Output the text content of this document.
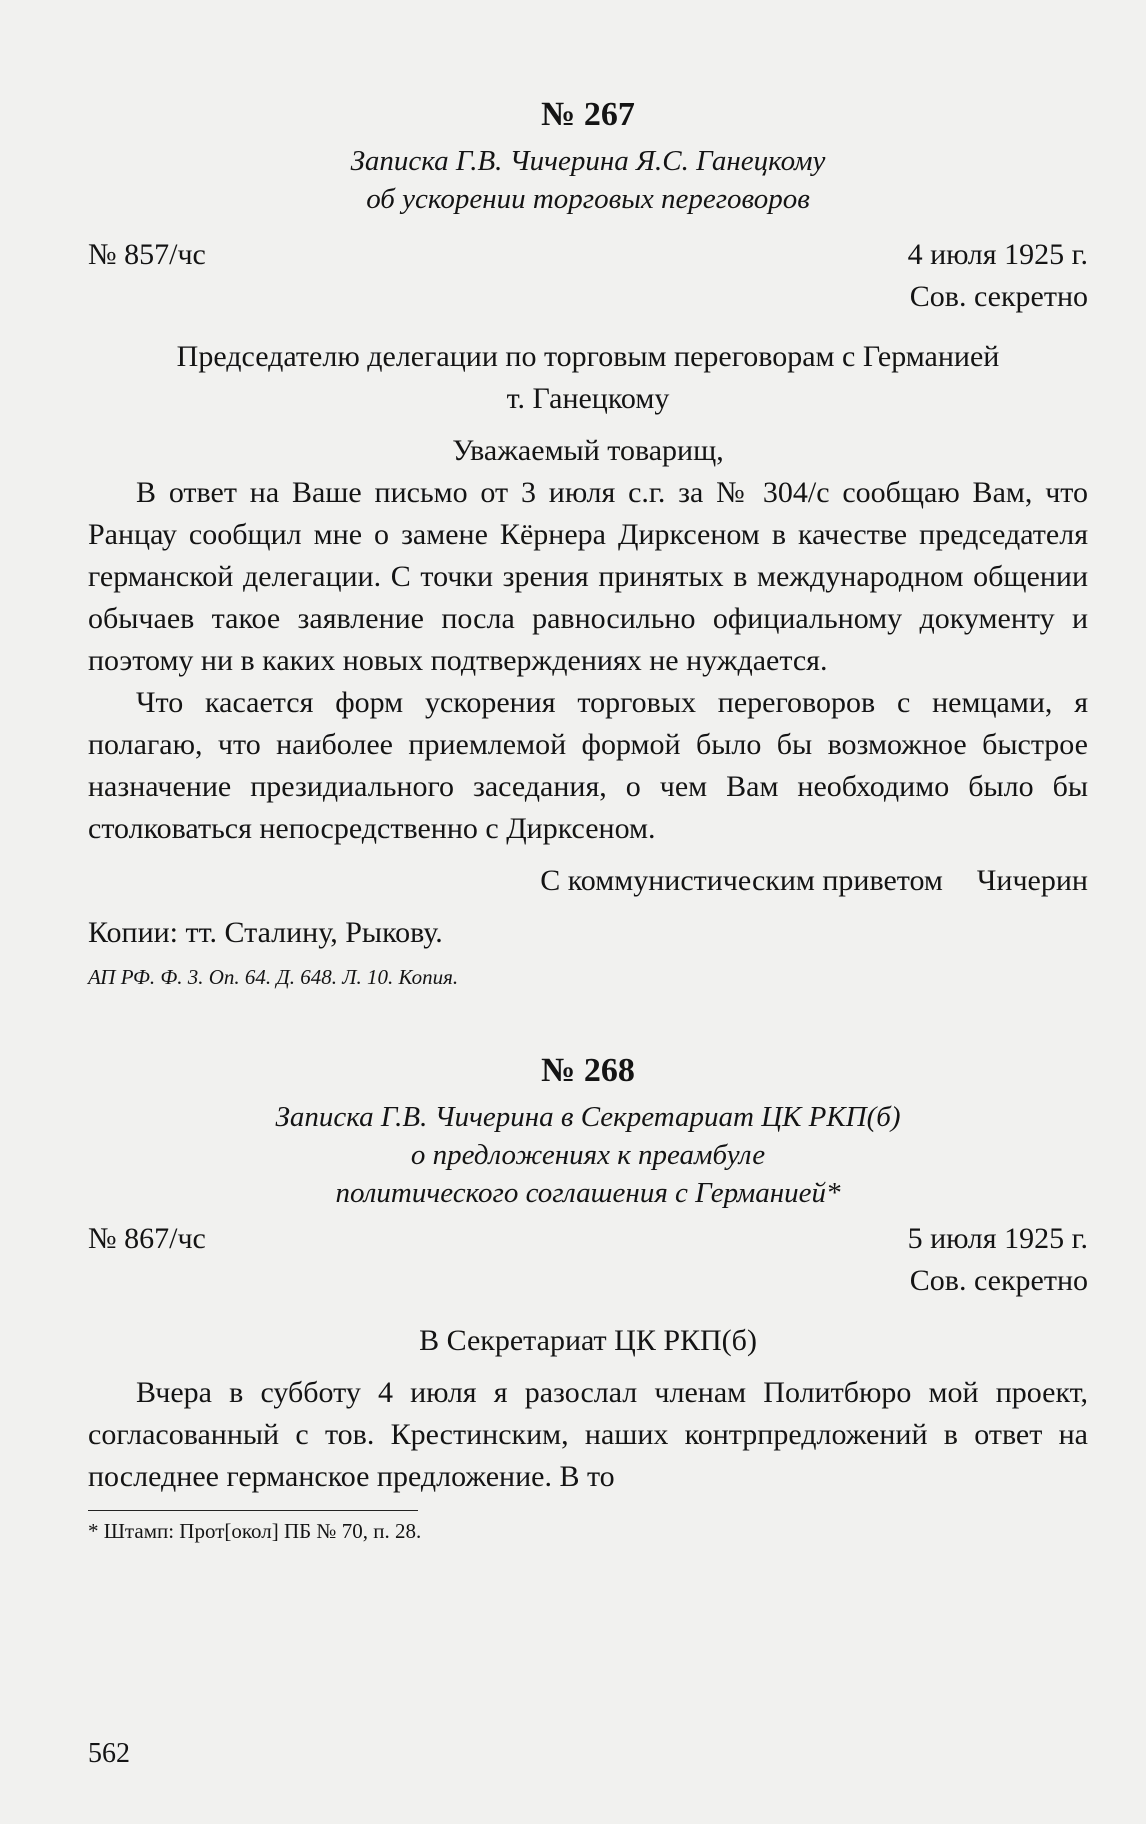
№ 267
Записка Г.В. Чичерина Я.С. Ганецкому
об ускорении торговых переговоров
№ 857/чс	4 июля 1925 г.
Сов. секретно
Председателю делегации по торговым переговорам с Германией
т. Ганецкому
Уважаемый товарищ,

В ответ на Ваше письмо от 3 июля с.г. за № 304/с сообщаю Вам, что Ранцау сообщил мне о замене Кёрнера Дирксеном в качестве председателя германской делегации. С точки зрения принятых в международном общении обычаев такое заявление посла равносильно официальному документу и поэтому ни в каких новых подтверждениях не нуждается.

Что касается форм ускорения торговых переговоров с немцами, я полагаю, что наиболее приемлемой формой было бы возможное быстрое назначение президиального заседания, о чем Вам необходимо было бы столковаться непосредственно с Дирксеном.

С коммунистическим приветом Чичерин
Копии: тт. Сталину, Рыкову.
АП РФ. Ф. 3. Оп. 64. Д. 648. Л. 10. Копия.
№ 268
Записка Г.В. Чичерина в Секретариат ЦК РКП(б)
о предложениях к преамбуле
политического соглашения с Германией*
№ 867/чс	5 июля 1925 г.
Сов. секретно
В Секретариат ЦК РКП(б)

Вчера в субботу 4 июля я разослал членам Политбюро мой проект, согласованный с тов. Крестинским, наших контрпредложений в ответ на последнее германское предложение. В то

* Штамп: Прот[окол] ПБ № 70, п. 28.

562
